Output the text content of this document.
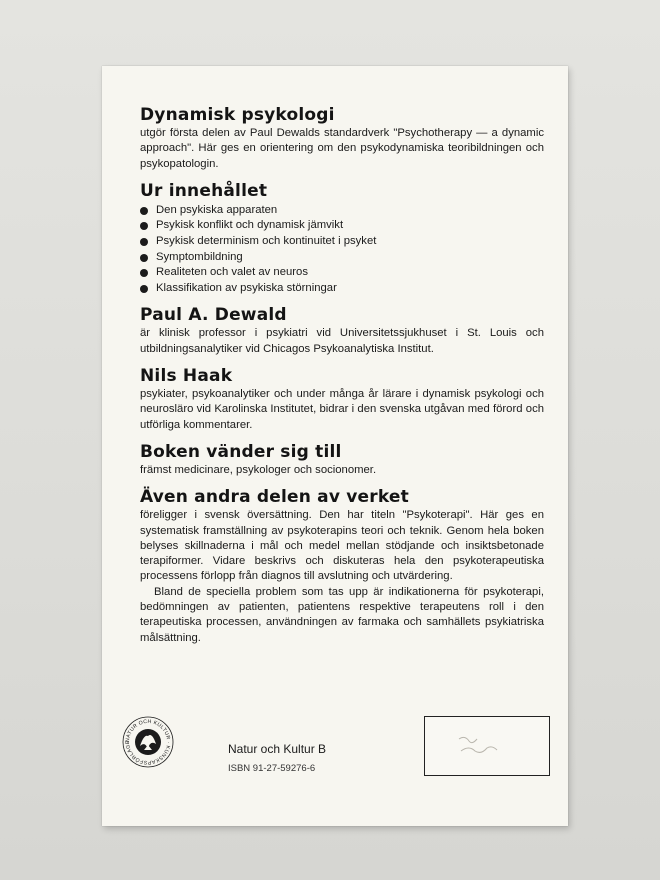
Dynamisk psykologi

utgör första delen av Paul Dewalds standardverk "Psychotherapy — a dynamic approach". Här ges en orientering om den psykodynamiska teoribildningen och psykopatologin.

Ur innehållet
Den psykiska apparaten
Psykisk konflikt och dynamisk jämvikt
Psykisk determinism och kontinuitet i psyket
Symptombildning
Realiteten och valet av neuros
Klassifikation av psykiska störningar
Paul A. Dewald

är klinisk professor i psykiatri vid Universitetssjukhuset i St. Louis och utbildningsanalytiker vid Chicagos Psykoanalytiska Institut.

Nils Haak

psykiater, psykoanalytiker och under många år lärare i dynamisk psykologi och neurosläro vid Karolinska Institutet, bidrar i den svenska utgåvan med förord och utförliga kommentarer.

Boken vänder sig till

främst medicinare, psykologer och socionomer.

Även andra delen av verket

föreligger i svensk översättning. Den har titeln "Psykoterapi". Här ges en systematisk framställning av psykoterapins teori och teknik. Genom hela boken belyses skillnaderna i mål och medel mellan stödjande och insiktsbetonade terapiformer. Vidare beskrivs och diskuteras hela den psykoterapeutiska processens förlopp från diagnos till avslutning och utvärdering.

Bland de speciella problem som tas upp är indikationerna för psykoterapi, bedömningen av patienten, patientens respektive terapeutens roll i den terapeutiska processen, användningen av farmaka och samhällets psykiatriska målsättning.

NATUR OCH KULTUR · KUNSKAPSFÖRLAGE	Natur och Kultur B
ISBN 91-27-59276-6
